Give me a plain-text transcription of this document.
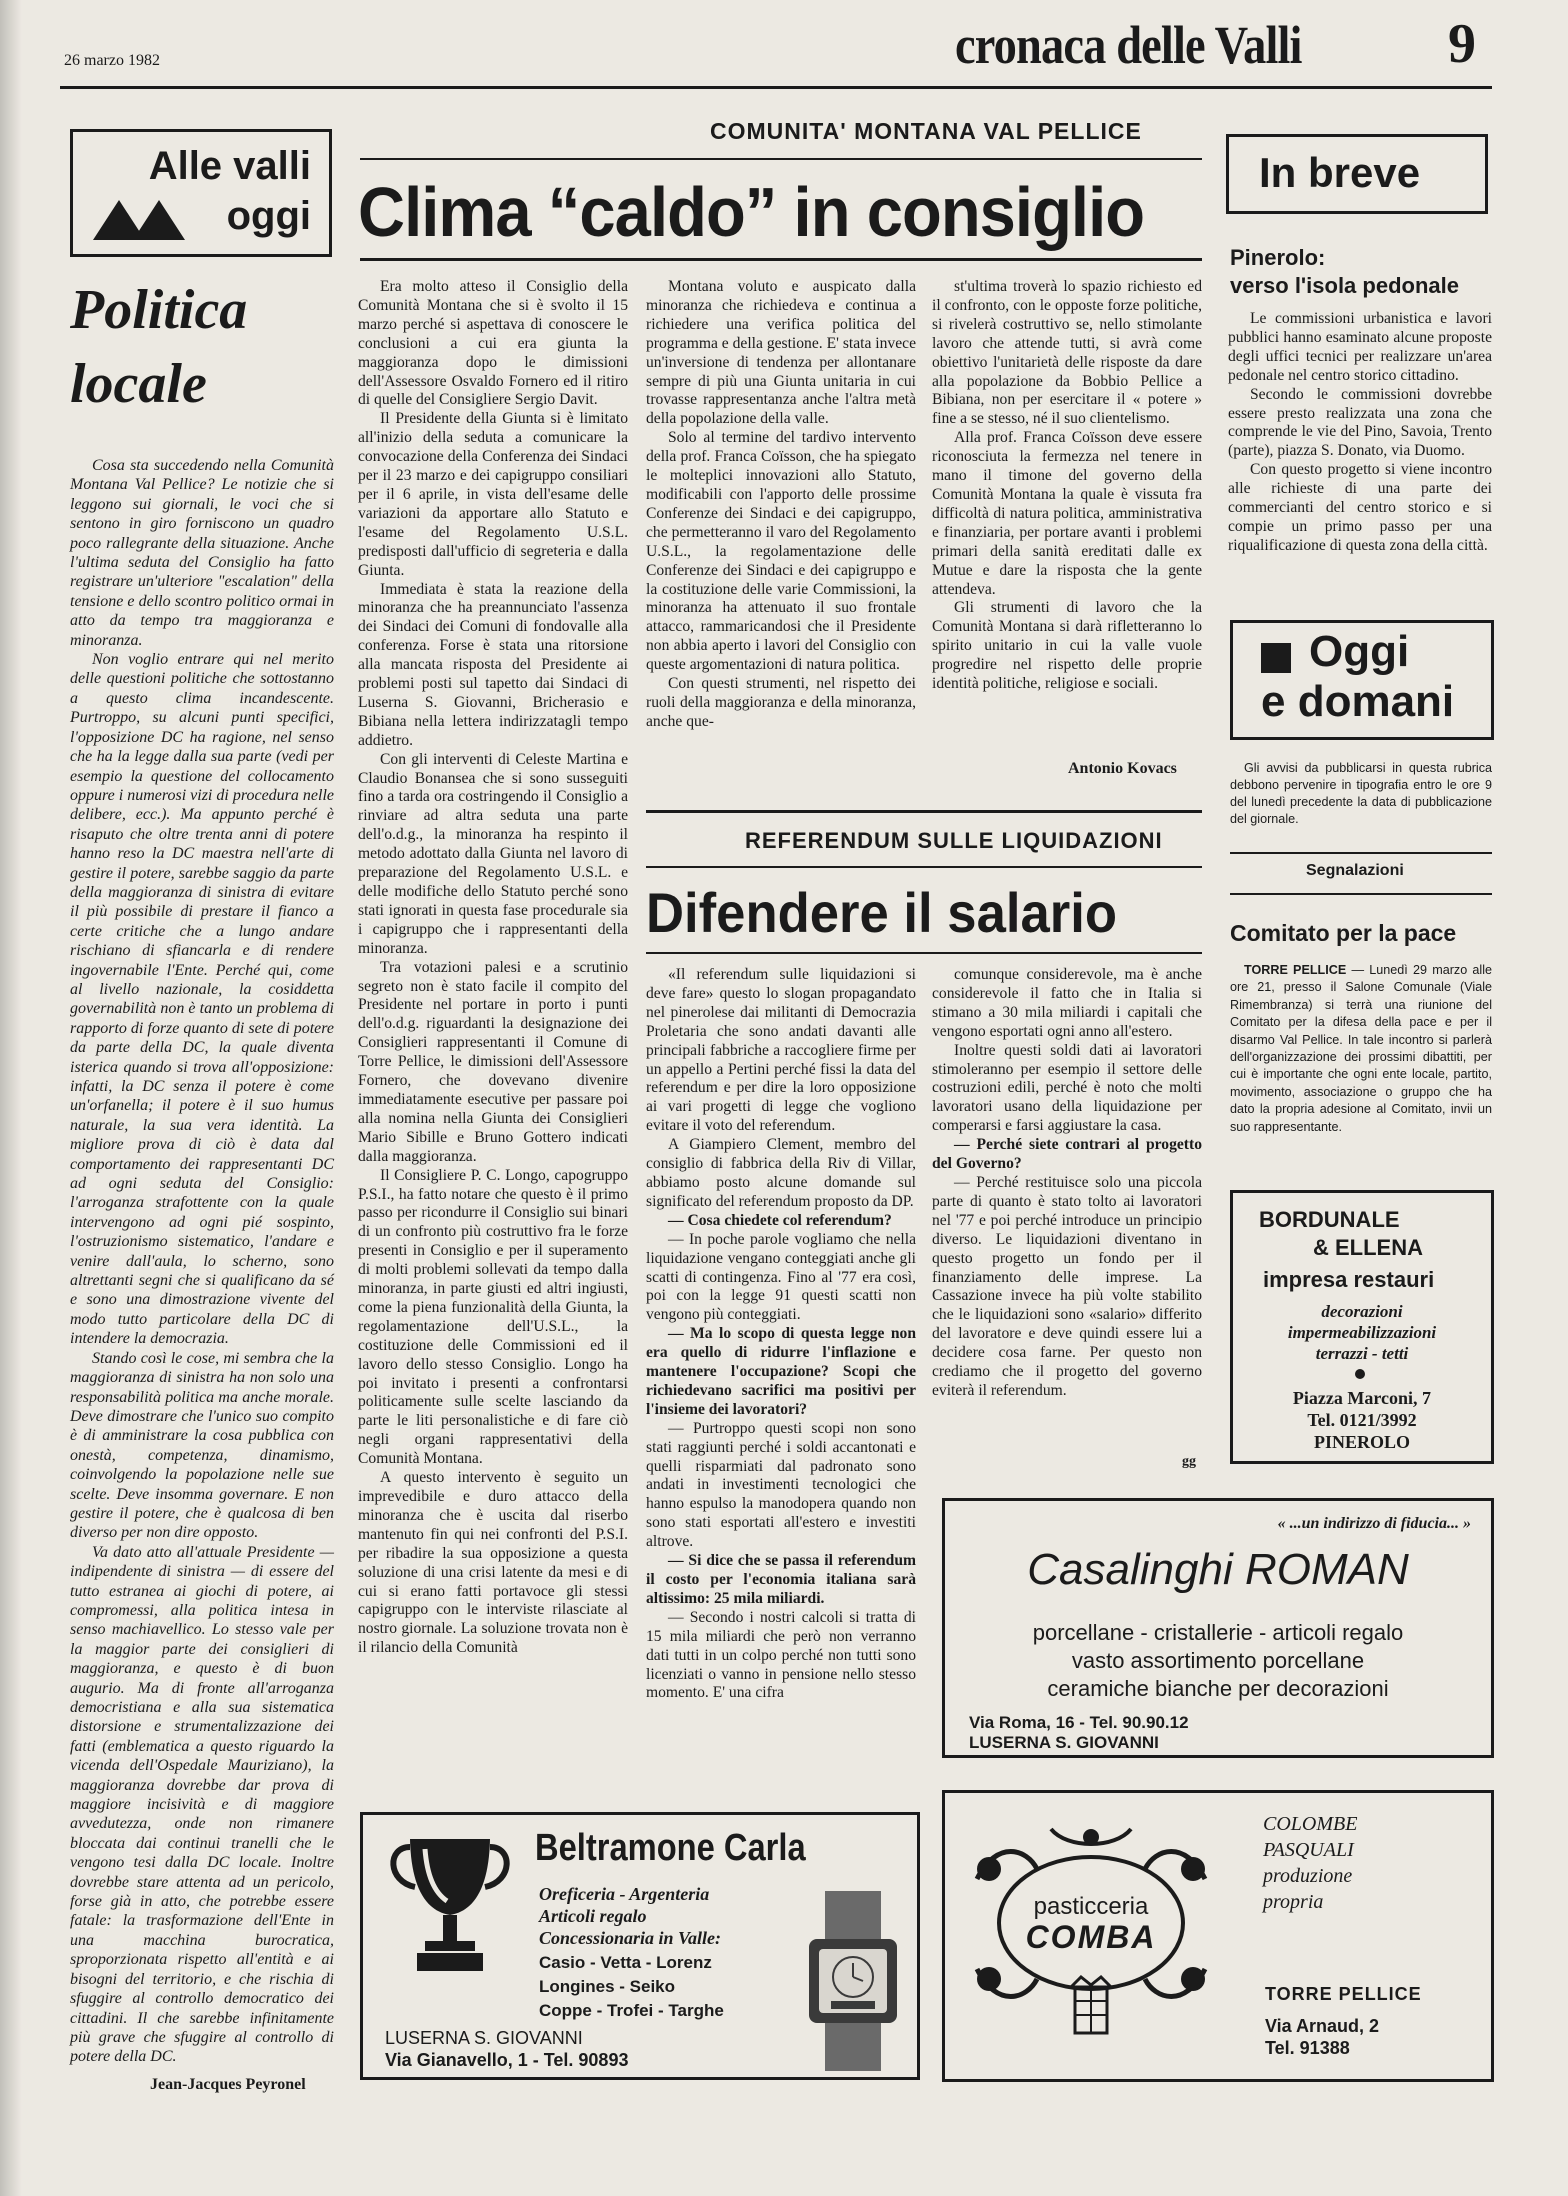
26 marzo 1982	cronaca delle Valli	9
Alle valli
oggi
Politica
locale

Cosa sta succedendo nella Comunità Montana Val Pellice? Le notizie che si leggono sui giornali, le voci che si sentono in giro forniscono un quadro poco rallegrante della situazione. Anche l'ultima seduta del Consiglio ha fatto registrare un'ulteriore "escalation" della tensione e dello scontro politico ormai in atto da tempo tra maggioranza e minoranza.

Non voglio entrare qui nel merito delle questioni politiche che sottostanno a questo clima incandescente. Purtroppo, su alcuni punti specifici, l'opposizione DC ha ragione, nel senso che ha la legge dalla sua parte (vedi per esempio la questione del collocamento oppure i numerosi vizi di procedura nelle delibere, ecc.). Ma appunto perché è risaputo che oltre trenta anni di potere hanno reso la DC maestra nell'arte di gestire il potere, sarebbe saggio da parte della maggioranza di sinistra di evitare il più possibile di prestare il fianco a certe critiche che a lungo andare rischiano di sfiancarla e di rendere ingovernabile l'Ente. Perché qui, come al livello nazionale, la cosiddetta governabilità non è tanto un problema di rapporto di forze quanto di sete di potere da parte della DC, la quale diventa isterica quando si trova all'opposizione: infatti, la DC senza il potere è come un'orfanella; il potere è il suo humus naturale, la sua vera identità. La migliore prova di ciò è data dal comportamento dei rappresentanti DC ad ogni seduta del Consiglio: l'arroganza strafottente con la quale intervengono ad ogni pié sospinto, l'ostruzionismo sistematico, l'andare e venire dall'aula, lo scherno, sono altrettanti segni che si qualificano da sé e sono una dimostrazione vivente del modo tutto particolare della DC di intendere la democrazia.

Stando così le cose, mi sembra che la maggioranza di sinistra ha non solo una responsabilità politica ma anche morale. Deve dimostrare che l'unico suo compito è di amministrare la cosa pubblica con onestà, competenza, dinamismo, coinvolgendo la popolazione nelle sue scelte. Deve insomma governare. E non gestire il potere, che è qualcosa di ben diverso per non dire opposto.

Va dato atto all'attuale Presidente — indipendente di sinistra — di essere del tutto estranea ai giochi di potere, ai compromessi, alla politica intesa in senso machiavellico. Lo stesso vale per la maggior parte dei consiglieri di maggioranza, e questo è di buon augurio. Ma di fronte all'arroganza democristiana e alla sua sistematica distorsione e strumentalizzazione dei fatti (emblematica a questo riguardo la vicenda dell'Ospedale Mauriziano), la maggioranza dovrebbe dar prova di maggiore incisività e di maggiore avvedutezza, onde non rimanere bloccata dai continui tranelli che le vengono tesi dalla DC locale. Inoltre dovrebbe stare attenta ad un pericolo, forse già in atto, che potrebbe essere fatale: la trasformazione dell'Ente in una macchina burocratica, sproporzionata rispetto all'entità e ai bisogni del territorio, e che rischia di sfuggire al controllo democratico dei cittadini. Il che sarebbe infinitamente più grave che sfuggire al controllo di potere della DC.

Jean-Jacques Peyronel
COMUNITA' MONTANA VAL PELLICE
Clima “caldo” in consiglio

Era molto atteso il Consiglio della Comunità Montana che si è svolto il 15 marzo perché si aspettava di conoscere le conclusioni a cui era giunta la maggioranza dopo le dimissioni dell'Assessore Osvaldo Fornero ed il ritiro di quelle del Consigliere Sergio Davit.

Il Presidente della Giunta si è limitato all'inizio della seduta a comunicare la convocazione della Conferenza dei Sindaci per il 23 marzo e dei capigruppo consiliari per il 6 aprile, in vista dell'esame delle variazioni da apportare allo Statuto e l'esame del Regolamento U.S.L. predisposti dall'ufficio di segreteria e dalla Giunta.

Immediata è stata la reazione della minoranza che ha preannunciato l'assenza dei Sindaci dei Comuni di fondovalle alla conferenza. Forse è stata una ritorsione alla mancata risposta del Presidente ai problemi posti sul tapetto dai Sindaci di Luserna S. Giovanni, Bricherasio e Bibiana nella lettera indirizzatagli tempo addietro.

Con gli interventi di Celeste Martina e Claudio Bonansea che si sono susseguiti fino a tarda ora costringendo il Consiglio a rinviare ad altra seduta una parte dell'o.d.g., la minoranza ha respinto il metodo adottato dalla Giunta nel lavoro di preparazione del Regolamento U.S.L. e delle modifiche dello Statuto perché sono stati ignorati in questa fase procedurale sia i capigruppo che i rappresentanti della minoranza.

Tra votazioni palesi e a scrutinio segreto non è stato facile il compito del Presidente nel portare in porto i punti dell'o.d.g. riguardanti la designazione dei Consiglieri rappresentanti il Comune di Torre Pellice, le dimissioni dell'Assessore Fornero, che dovevano divenire immediatamente esecutive per passare poi alla nomina nella Giunta dei Consiglieri Mario Sibille e Bruno Gottero indicati dalla maggioranza.

Il Consigliere P. C. Longo, capogruppo P.S.I., ha fatto notare che questo è il primo passo per ricondurre il Consiglio sui binari di un confronto più costruttivo fra le forze presenti in Consiglio e per il superamento di molti problemi sollevati da tempo dalla minoranza, in parte giusti ed altri ingiusti, come la piena funzionalità della Giunta, la regolamentazione dell'U.S.L., la costituzione delle Commissioni ed il lavoro dello stesso Consiglio. Longo ha poi invitato i presenti a confrontarsi politicamente sulle scelte lasciando da parte le liti personalistiche e di fare ciò negli organi rappresentativi della Comunità Montana.

A questo intervento è seguito un imprevedibile e duro attacco della minoranza che è uscita dal riserbo mantenuto fin qui nei confronti del P.S.I. per ribadire la sua opposizione a questa soluzione di una crisi latente da mesi e di cui si erano fatti portavoce gli stessi capigruppo con le interviste rilasciate al nostro giornale. La soluzione trovata non è il rilancio della Comunità

Montana voluto e auspicato dalla minoranza che richiedeva e continua a richiedere una verifica politica del programma e della gestione. E' stata invece un'inversione di tendenza per allontanare sempre di più una Giunta unitaria in cui trovasse rappresentanza anche l'altra metà della popolazione della valle.

Solo al termine del tardivo intervento della prof. Franca Coïsson, che ha spiegato le molteplici innovazioni allo Statuto, modificabili con l'apporto delle prossime Conferenze dei Sindaci e dei capigruppo, che permetteranno il varo del Regolamento U.S.L., la regolamentazione delle Conferenze dei Sindaci e dei capigruppo e la costituzione delle varie Commissioni, la minoranza ha attenuato il suo frontale attacco, rammaricandosi che il Presidente non abbia aperto i lavori del Consiglio con queste argomentazioni di natura politica.

Con questi strumenti, nel rispetto dei ruoli della maggioranza e della minoranza, anche que-

st'ultima troverà lo spazio richiesto ed il confronto, con le opposte forze politiche, si rivelerà costruttivo se, nello stimolante lavoro che attende tutti, si avrà come obiettivo l'unitarietà delle risposte da dare alla popolazione da Bobbio Pellice a Bibiana, non per esercitare il « potere » fine a se stesso, né il suo clientelismo.

Alla prof. Franca Coïsson deve essere riconosciuta la fermezza nel tenere in mano il timone del governo della Comunità Montana la quale è vissuta fra difficoltà di natura politica, amministrativa e finanziaria, per portare avanti i problemi primari della sanità ereditati dalle ex Mutue e dare la risposta che la gente attendeva.

Gli strumenti di lavoro che la Comunità Montana si darà rifletteranno lo spirito unitario in cui la valle vuole progredire nel rispetto delle proprie identità politiche, religiose e sociali.

Antonio Kovacs
REFERENDUM SULLE LIQUIDAZIONI
Difendere il salario

«Il referendum sulle liquidazioni si deve fare» questo lo slogan propagandato nel pinerolese dai militanti di Democrazia Proletaria che sono andati davanti alle principali fabbriche a raccogliere firme per un appello a Pertini perché fissi la data del referendum e per dire la loro opposizione ai vari progetti di legge che vogliono evitare il voto del referendum.

A Giampiero Clement, membro del consiglio di fabbrica della Riv di Villar, abbiamo posto alcune domande sul significato del referendum proposto da DP.

— Cosa chiedete col referendum?

— In poche parole vogliamo che nella liquidazione vengano conteggiati anche gli scatti di contingenza. Fino al '77 era così, poi con la legge 91 questi scatti non vengono più conteggiati.

— Ma lo scopo di questa legge non era quello di ridurre l'inflazione e mantenere l'occupazione? Scopi che richiedevano sacrifici ma positivi per l'insieme dei lavoratori?

— Purtroppo questi scopi non sono stati raggiunti perché i soldi accantonati e quelli risparmiati dal padronato sono andati in investimenti tecnologici che hanno espulso la manodopera quando non sono stati esportati all'estero e investiti altrove.

— Si dice che se passa il referendum il costo per l'economia italiana sarà altissimo: 25 mila miliardi.

— Secondo i nostri calcoli si tratta di 15 mila miliardi che però non verranno dati tutti in un colpo perché non tutti sono licenziati o vanno in pensione nello stesso momento. E' una cifra

comunque considerevole, ma è anche considerevole il fatto che in Italia si stimano a 30 mila miliardi i capitali che vengono esportati ogni anno all'estero.

Inoltre questi soldi dati ai lavoratori stimoleranno per esempio il settore delle costruzioni edili, perché è noto che molti lavoratori usano della liquidazione per comperarsi e farsi aggiustare la casa.

— Perché siete contrari al progetto del Governo?

— Perché restituisce solo una piccola parte di quanto è stato tolto ai lavoratori nel '77 e poi perché introduce un principio diverso. Le liquidazioni diventano in questo progetto un fondo per il finanziamento delle imprese. La Cassazione invece ha più volte stabilito che le liquidazioni sono «salario» differito del lavoratore e deve quindi essere lui a decidere cosa farne. Per questo non crediamo che il progetto del governo eviterà il referendum.

gg
In breve
Pinerolo:
verso l'isola pedonale

Le commissioni urbanistica e lavori pubblici hanno esaminato alcune proposte degli uffici tecnici per realizzare un'area pedonale nel centro storico cittadino.

Secondo le commissioni dovrebbe essere presto realizzata una zona che comprende le vie del Pino, Savoia, Trento (parte), piazza S. Donato, via Duomo.

Con questo progetto si viene incontro alle richieste di una parte dei commercianti del centro storico e si compie un primo passo per una riqualificazione di questa zona della città.

Oggi
e domani
Gli avvisi da pubblicarsi in questa rubrica debbono pervenire in tipografia entro le ore 9 del lunedì precedente la data di pubblicazione del giornale.
Segnalazioni
Comitato per la pace
TORRE PELLICE — Lunedì 29 marzo alle ore 21, presso il Salone Comunale (Viale Rimembranza) si terrà una riunione del Comitato per la difesa della pace e per il disarmo Val Pellice. In tale incontro si parlerà dell'organizzazione dei prossimi dibattiti, per cui è importante che ogni ente locale, partito, movimento, associazione o gruppo che ha dato la propria adesione al Comitato, invii un suo rappresentante.
BORDUNALE
& ELLENA
impresa restauri
decorazioni
impermeabilizzazioni
terrazzi - tetti
Piazza Marconi, 7
Tel. 0121/3992
PINEROLO
« ...un indirizzo di fiducia... »
Casalinghi ROMAN
porcellane - cristallerie - articoli regalo
vasto assortimento porcellane
ceramiche bianche per decorazioni
Via Roma, 16 - Tel. 90.90.12
LUSERNA S. GIOVANNI
Beltramone Carla
Oreficeria - Argenteria
Articoli regalo
Concessionaria in Valle:
Casio - Vetta - Lorenz
Longines - Seiko
Coppe - Trofei - Targhe
LUSERNA S. GIOVANNI
Via Gianavello, 1 - Tel. 90893
pasticceria
COMBA
COLOMBE
PASQUALI
produzione
propria
TORRE PELLICE
Via Arnaud, 2
Tel. 91388
